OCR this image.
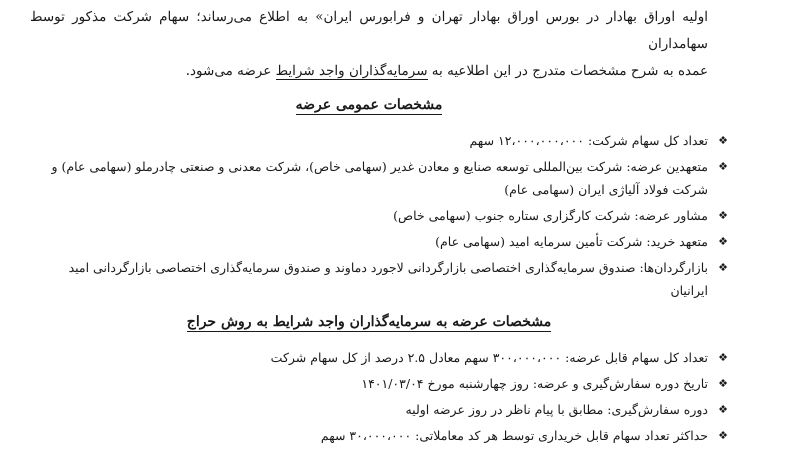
اولیه اوراق بهادار در بورس اوراق بهادار تهران و فرابورس ایران» به اطلاع می‌رساند؛ سهام شرکت مذکور توسط سهامداران
عمده به شرح مشخصات متدرج در این اطلاعیه به سرمایه‌گذاران واجد شرایط عرضه می‌شود.

مشخصات عمومی عرضه
❖
تعداد کل سهام شرکت: ۱۲،۰۰۰،۰۰۰،۰۰۰ سهم
❖
متعهدین عرضه: شرکت بین‌المللی توسعه صنایع و معادن غدیر (سهامی خاص)، شرکت معدنی و صنعتی چادرملو (سهامی عام) و شرکت فولاد آلیاژی ایران (سهامی عام)
❖
مشاور عرضه: شرکت کارگزاری ستاره جنوب (سهامی خاص)
❖
متعهد خرید: شرکت تأمین سرمایه امید (سهامی عام)
❖
بازارگردان‌ها: صندوق سرمایه‌گذاری اختصاصی بازارگردانی لاجورد دماوند و صندوق سرمایه‌گذاری اختصاصی بازارگردانی امید ایرانیان
مشخصات عرضه به سرمایه‌گذاران واجد شرایط به روش حراج
❖
تعداد کل سهام قابل عرضه: ۳۰۰،۰۰۰،۰۰۰ سهم معادل ۲.۵ درصد از کل سهام شرکت
❖
تاریخ دوره سفارش‌گیری و عرضه: روز چهارشنبه مورخ ۱۴۰۱/۰۳/۰۴
❖
دوره سفارش‌گیری: مطابق با پیام ناظر در روز عرضه اولیه
❖
حداکثر تعداد سهام قابل خریداری توسط هر کد معاملاتی: ۳۰،۰۰۰،۰۰۰ سهم
